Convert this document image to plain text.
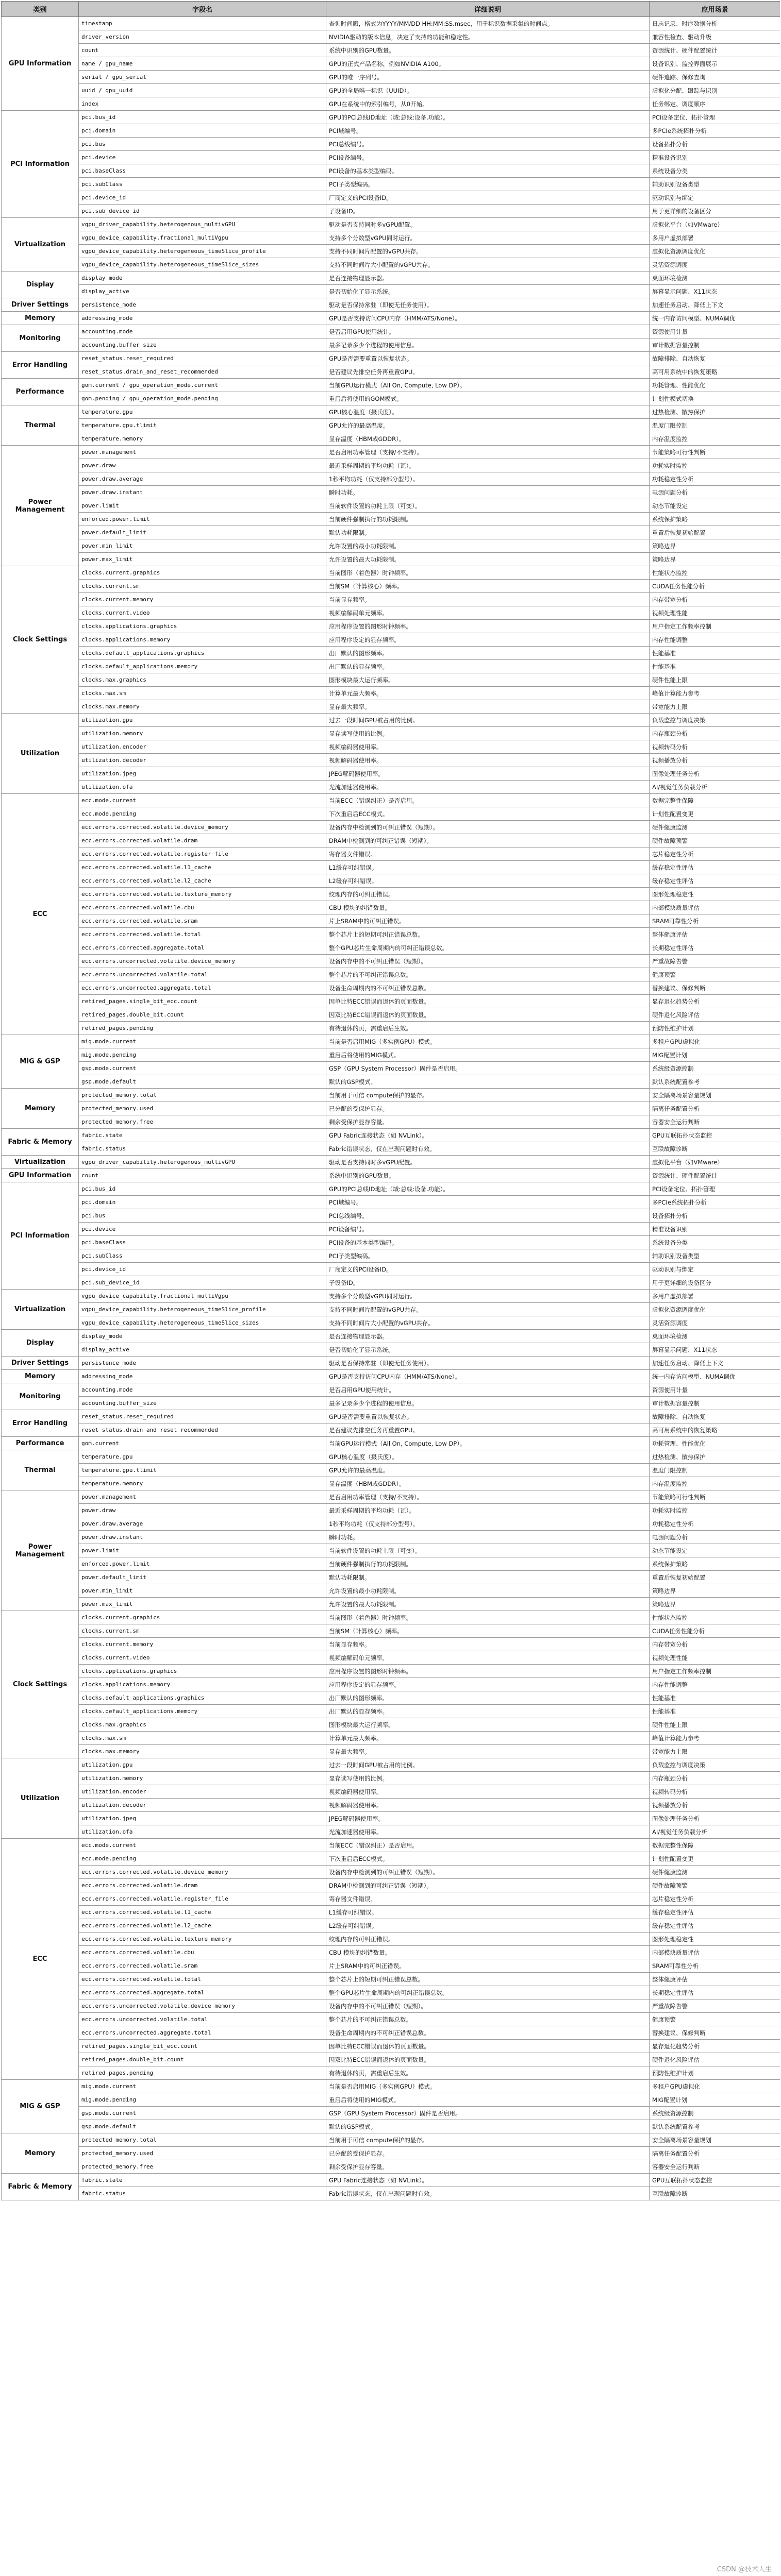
类别	字段名	详细说明	应用场景
GPU Information	timestamp	查询时间戳，格式为YYYY/MM/DD HH:MM:SS.msec，用于标识数据采集的时间点。	日志记录、时序数据分析
	driver_version	NVIDIA驱动的版本信息，决定了支持的功能和稳定性。	兼容性检查、驱动升级
	count	系统中识别的GPU数量。	资源统计、硬件配置统计
	name / gpu_name	GPU的正式产品名称，例如NVIDIA A100。	设备识别、监控界面展示
	serial / gpu_serial	GPU的唯一序列号。	硬件追踪、保修查询
	uuid / gpu_uuid	GPU的全局唯一标识（UUID）。	虚拟化分配、跟踪与识别
	index	GPU在系统中的索引编号，从0开始。	任务绑定、调度顺序
PCI Information	pci.bus_id	GPU的PCI总线ID地址（域:总线:设备.功能）。	PCI设备定位、拓扑管理
	pci.domain	PCI域编号。	多PCIe系统拓扑分析
	pci.bus	PCI总线编号。	设备拓扑分析
	pci.device	PCI设备编号。	精准设备识别
	pci.baseClass	PCI设备的基本类型编码。	系统设备分类
	pci.subClass	PCI子类型编码。	辅助识别设备类型
	pci.device_id	厂商定义的PCI设备ID。	驱动识别与绑定
	pci.sub_device_id	子设备ID。	用于更详细的设备区分
Virtualization	vgpu_driver_capability.heterogenous_multivGPU	驱动是否支持同时多vGPU配置。	虚拟化平台（如VMware）
	vgpu_device_capability.fractional_multiVgpu	支持多个分数型vGPU同时运行。	多用户虚拟部署
	vgpu_device_capability.heterogeneous_timeSlice_profile	支持不同时间片配置的vGPU共存。	虚拟化资源调度优化
	vgpu_device_capability.heterogeneous_timeSlice_sizes	支持不同时间片大小配置的vGPU共存。	灵活资源调度
Display	display_mode	是否连接物理显示器。	桌面环境检测
	display_active	是否初始化了显示系统。	屏幕显示问题、X11状态
Driver Settings	persistence_mode	驱动是否保持常驻（即使无任务使用）。	加速任务启动、降低上下文
Memory	addressing_mode	GPU是否支持访问CPU内存（HMM/ATS/None）。	统一内存访问模型、NUMA调优
Monitoring	accounting.mode	是否启用GPU使用统计。	资源使用计量
	accounting.buffer_size	最多记录多少个进程的使用信息。	审计数据容量控制
Error Handling	reset_status.reset_required	GPU是否需要重置以恢复状态。	故障排除、自动恢复
	reset_status.drain_and_reset_recommended	是否建议先排空任务再重置GPU。	高可用系统中的恢复策略
Performance	gom.current / gpu_operation_mode.current	当前GPU运行模式（All On, Compute, Low DP）。	功耗管理、性能优化
	gom.pending / gpu_operation_mode.pending	重启后将使用的GOM模式。	计划性模式切换
Thermal	temperature.gpu	GPU核心温度（摄氏度）。	过热检测、散热保护
	temperature.gpu.tlimit	GPU允许的最高温度。	温度门限控制
	temperature.memory	显存温度（HBM或GDDR）。	内存温度监控
Power Management	power.management	是否启用功率管理（支持/不支持）。	节能策略可行性判断
	power.draw	最近采样周期的平均功耗（瓦）。	功耗实时监控
	power.draw.average	1秒平均功耗（仅支持部分型号）。	功耗稳定性分析
	power.draw.instant	瞬时功耗。	电源问题分析
	power.limit	当前软件设置的功耗上限（可变）。	动态节能设定
	enforced.power.limit	当前硬件强制执行的功耗限制。	系统保护策略
	power.default_limit	默认功耗限制。	重置后恢复初始配置
	power.min_limit	允许设置的最小功耗限制。	策略边界
	power.max_limit	允许设置的最大功耗限制。	策略边界
Clock Settings	clocks.current.graphics	当前图形（着色器）时钟频率。	性能状态监控
	clocks.current.sm	当前SM（计算核心）频率。	CUDA任务性能分析
	clocks.current.memory	当前显存频率。	内存带宽分析
	clocks.current.video	视频编解码单元频率。	视频处理性能
	clocks.applications.graphics	应用程序设置的图形时钟频率。	用户指定工作频率控制
	clocks.applications.memory	应用程序设定的显存频率。	内存性能调整
	clocks.default_applications.graphics	出厂默认的图形频率。	性能基准
	clocks.default_applications.memory	出厂默认的显存频率。	性能基准
	clocks.max.graphics	图形模块最大运行频率。	硬件性能上限
	clocks.max.sm	计算单元最大频率。	峰值计算能力参考
	clocks.max.memory	显存最大频率。	带宽能力上限
Utilization	utilization.gpu	过去一段时间GPU被占用的比例。	负载监控与调度决策
	utilization.memory	显存读写使用的比例。	内存瓶颈分析
	utilization.encoder	视频编码器使用率。	视频转码分析
	utilization.decoder	视频解码器使用率。	视频播放分析
	utilization.jpeg	JPEG解码器使用率。	图像处理任务分析
	utilization.ofa	光流加速器使用率。	AI/视觉任务负载分析
ECC	ecc.mode.current	当前ECC（错误纠正）是否启用。	数据完整性保障
	ecc.mode.pending	下次重启后ECC模式。	计划性配置变更
	ecc.errors.corrected.volatile.device_memory	设备内存中检测到的可纠正错误（短期）。	硬件健康监测
	ecc.errors.corrected.volatile.dram	DRAM中检测到的可纠正错误（短期）。	硬件故障预警
	ecc.errors.corrected.volatile.register_file	寄存器文件错误。	芯片稳定性分析
	ecc.errors.corrected.volatile.l1_cache	L1缓存可纠错误。	缓存稳定性评估
	ecc.errors.corrected.volatile.l2_cache	L2缓存可纠错误。	缓存稳定性评估
	ecc.errors.corrected.volatile.texture_memory	纹理内存的可纠正错误。	图形处理稳定性
	ecc.errors.corrected.volatile.cbu	CBU 模块的纠错数量。	内部模块质量评估
	ecc.errors.corrected.volatile.sram	片上SRAM中的可纠正错误。	SRAM可靠性分析
	ecc.errors.corrected.volatile.total	整个芯片上的短期可纠正错误总数。	整体健康评估
	ecc.errors.corrected.aggregate.total	整个GPU芯片生命周期内的可纠正错误总数。	长期稳定性评估
	ecc.errors.uncorrected.volatile.device_memory	设备内存中的不可纠正错误（短期）。	严重故障告警
	ecc.errors.uncorrected.volatile.total	整个芯片的不可纠正错误总数。	健康预警
	ecc.errors.uncorrected.aggregate.total	设备生命周期内的不可纠正错误总数。	替换建议、保修判断
	retired_pages.single_bit_ecc.count	因单比特ECC错误而退休的页面数量。	显存退化趋势分析
	retired_pages.double_bit.count	因双比特ECC错误而退休的页面数量。	硬件退化风险评估
	retired_pages.pending	有待退休的页，需重启后生效。	预防性维护计划
MIG & GSP	mig.mode.current	当前是否启用MIG（多实例GPU）模式。	多租户GPU虚拟化
	mig.mode.pending	重启后将使用的MIG模式。	MIG配置计划
	gsp.mode.current	GSP（GPU System Processor）固件是否启用。	系统级资源控制
	gsp.mode.default	默认的GSP模式。	默认系统配置参考
Memory	protected_memory.total	当前用于可信 compute保护的显存。	安全隔离场景容量规划
	protected_memory.used	已分配的受保护显存。	隔离任务配置分析
	protected_memory.free	剩余受保护显存容量。	容器安全运行判断
Fabric & Memory	fabric.state	GPU Fabric连接状态（如 NVLink）。	GPU互联拓扑状态监控
	fabric.status	Fabric错误状态，仅在出现问题时有效。	互联故障诊断
Virtualization	vgpu_driver_capability.heterogenous_multivGPU	驱动是否支持同时多vGPU配置。	虚拟化平台（如VMware）
GPU Information	count	系统中识别的GPU数量。	资源统计、硬件配置统计
PCI Information	pci.bus_id	GPU的PCI总线ID地址（域:总线:设备.功能）。	PCI设备定位、拓扑管理
	pci.domain	PCI域编号。	多PCIe系统拓扑分析
	pci.bus	PCI总线编号。	设备拓扑分析
	pci.device	PCI设备编号。	精准设备识别
	pci.baseClass	PCI设备的基本类型编码。	系统设备分类
	pci.subClass	PCI子类型编码。	辅助识别设备类型
	pci.device_id	厂商定义的PCI设备ID。	驱动识别与绑定
	pci.sub_device_id	子设备ID。	用于更详细的设备区分
Virtualization	vgpu_device_capability.fractional_multiVgpu	支持多个分数型vGPU同时运行。	多用户虚拟部署
	vgpu_device_capability.heterogeneous_timeSlice_profile	支持不同时间片配置的vGPU共存。	虚拟化资源调度优化
	vgpu_device_capability.heterogeneous_timeSlice_sizes	支持不同时间片大小配置的vGPU共存。	灵活资源调度
Display	display_mode	是否连接物理显示器。	桌面环境检测
	display_active	是否初始化了显示系统。	屏幕显示问题、X11状态
Driver Settings	persistence_mode	驱动是否保持常驻（即使无任务使用）。	加速任务启动、降低上下文
Memory	addressing_mode	GPU是否支持访问CPU内存（HMM/ATS/None）。	统一内存访问模型、NUMA调优
Monitoring	accounting.mode	是否启用GPU使用统计。	资源使用计量
	accounting.buffer_size	最多记录多少个进程的使用信息。	审计数据容量控制
Error Handling	reset_status.reset_required	GPU是否需要重置以恢复状态。	故障排除、自动恢复
	reset_status.drain_and_reset_recommended	是否建议先排空任务再重置GPU。	高可用系统中的恢复策略
Performance	gom.current	当前GPU运行模式（All On, Compute, Low DP）。	功耗管理、性能优化
Thermal	temperature.gpu	GPU核心温度（摄氏度）。	过热检测、散热保护
	temperature.gpu.tlimit	GPU允许的最高温度。	温度门限控制
	temperature.memory	显存温度（HBM或GDDR）。	内存温度监控
Power Management	power.management	是否启用功率管理（支持/不支持）。	节能策略可行性判断
	power.draw	最近采样周期的平均功耗（瓦）。	功耗实时监控
	power.draw.average	1秒平均功耗（仅支持部分型号）。	功耗稳定性分析
	power.draw.instant	瞬时功耗。	电源问题分析
	power.limit	当前软件设置的功耗上限（可变）。	动态节能设定
	enforced.power.limit	当前硬件强制执行的功耗限制。	系统保护策略
	power.default_limit	默认功耗限制。	重置后恢复初始配置
	power.min_limit	允许设置的最小功耗限制。	策略边界
	power.max_limit	允许设置的最大功耗限制。	策略边界
Clock Settings	clocks.current.graphics	当前图形（着色器）时钟频率。	性能状态监控
	clocks.current.sm	当前SM（计算核心）频率。	CUDA任务性能分析
	clocks.current.memory	当前显存频率。	内存带宽分析
	clocks.current.video	视频编解码单元频率。	视频处理性能
	clocks.applications.graphics	应用程序设置的图形时钟频率。	用户指定工作频率控制
	clocks.applications.memory	应用程序设定的显存频率。	内存性能调整
	clocks.default_applications.graphics	出厂默认的图形频率。	性能基准
	clocks.default_applications.memory	出厂默认的显存频率。	性能基准
	clocks.max.graphics	图形模块最大运行频率。	硬件性能上限
	clocks.max.sm	计算单元最大频率。	峰值计算能力参考
	clocks.max.memory	显存最大频率。	带宽能力上限
Utilization	utilization.gpu	过去一段时间GPU被占用的比例。	负载监控与调度决策
	utilization.memory	显存读写使用的比例。	内存瓶颈分析
	utilization.encoder	视频编码器使用率。	视频转码分析
	utilization.decoder	视频解码器使用率。	视频播放分析
	utilization.jpeg	JPEG解码器使用率。	图像处理任务分析
	utilization.ofa	光流加速器使用率。	AI/视觉任务负载分析
ECC	ecc.mode.current	当前ECC（错误纠正）是否启用。	数据完整性保障
	ecc.mode.pending	下次重启后ECC模式。	计划性配置变更
	ecc.errors.corrected.volatile.device_memory	设备内存中检测到的可纠正错误（短期）。	硬件健康监测
	ecc.errors.corrected.volatile.dram	DRAM中检测到的可纠正错误（短期）。	硬件故障预警
	ecc.errors.corrected.volatile.register_file	寄存器文件错误。	芯片稳定性分析
	ecc.errors.corrected.volatile.l1_cache	L1缓存可纠错误。	缓存稳定性评估
	ecc.errors.corrected.volatile.l2_cache	L2缓存可纠错误。	缓存稳定性评估
	ecc.errors.corrected.volatile.texture_memory	纹理内存的可纠正错误。	图形处理稳定性
	ecc.errors.corrected.volatile.cbu	CBU 模块的纠错数量。	内部模块质量评估
	ecc.errors.corrected.volatile.sram	片上SRAM中的可纠正错误。	SRAM可靠性分析
	ecc.errors.corrected.volatile.total	整个芯片上的短期可纠正错误总数。	整体健康评估
	ecc.errors.corrected.aggregate.total	整个GPU芯片生命周期内的可纠正错误总数。	长期稳定性评估
	ecc.errors.uncorrected.volatile.device_memory	设备内存中的不可纠正错误（短期）。	严重故障告警
	ecc.errors.uncorrected.volatile.total	整个芯片的不可纠正错误总数。	健康预警
	ecc.errors.uncorrected.aggregate.total	设备生命周期内的不可纠正错误总数。	替换建议、保修判断
	retired_pages.single_bit_ecc.count	因单比特ECC错误而退休的页面数量。	显存退化趋势分析
	retired_pages.double_bit.count	因双比特ECC错误而退休的页面数量。	硬件退化风险评估
	retired_pages.pending	有待退休的页，需重启后生效。	预防性维护计划
MIG & GSP	mig.mode.current	当前是否启用MIG（多实例GPU）模式。	多租户GPU虚拟化
	mig.mode.pending	重启后将使用的MIG模式。	MIG配置计划
	gsp.mode.current	GSP（GPU System Processor）固件是否启用。	系统级资源控制
	gsp.mode.default	默认的GSP模式。	默认系统配置参考
Memory	protected_memory.total	当前用于可信 compute保护的显存。	安全隔离场景容量规划
	protected_memory.used	已分配的受保护显存。	隔离任务配置分析
	protected_memory.free	剩余受保护显存容量。	容器安全运行判断
Fabric & Memory	fabric.state	GPU Fabric连接状态（如 NVLink）。	GPU互联拓扑状态监控
	fabric.status	Fabric错误状态，仅在出现问题时有效。	互联故障诊断
CSDN @技术人生
